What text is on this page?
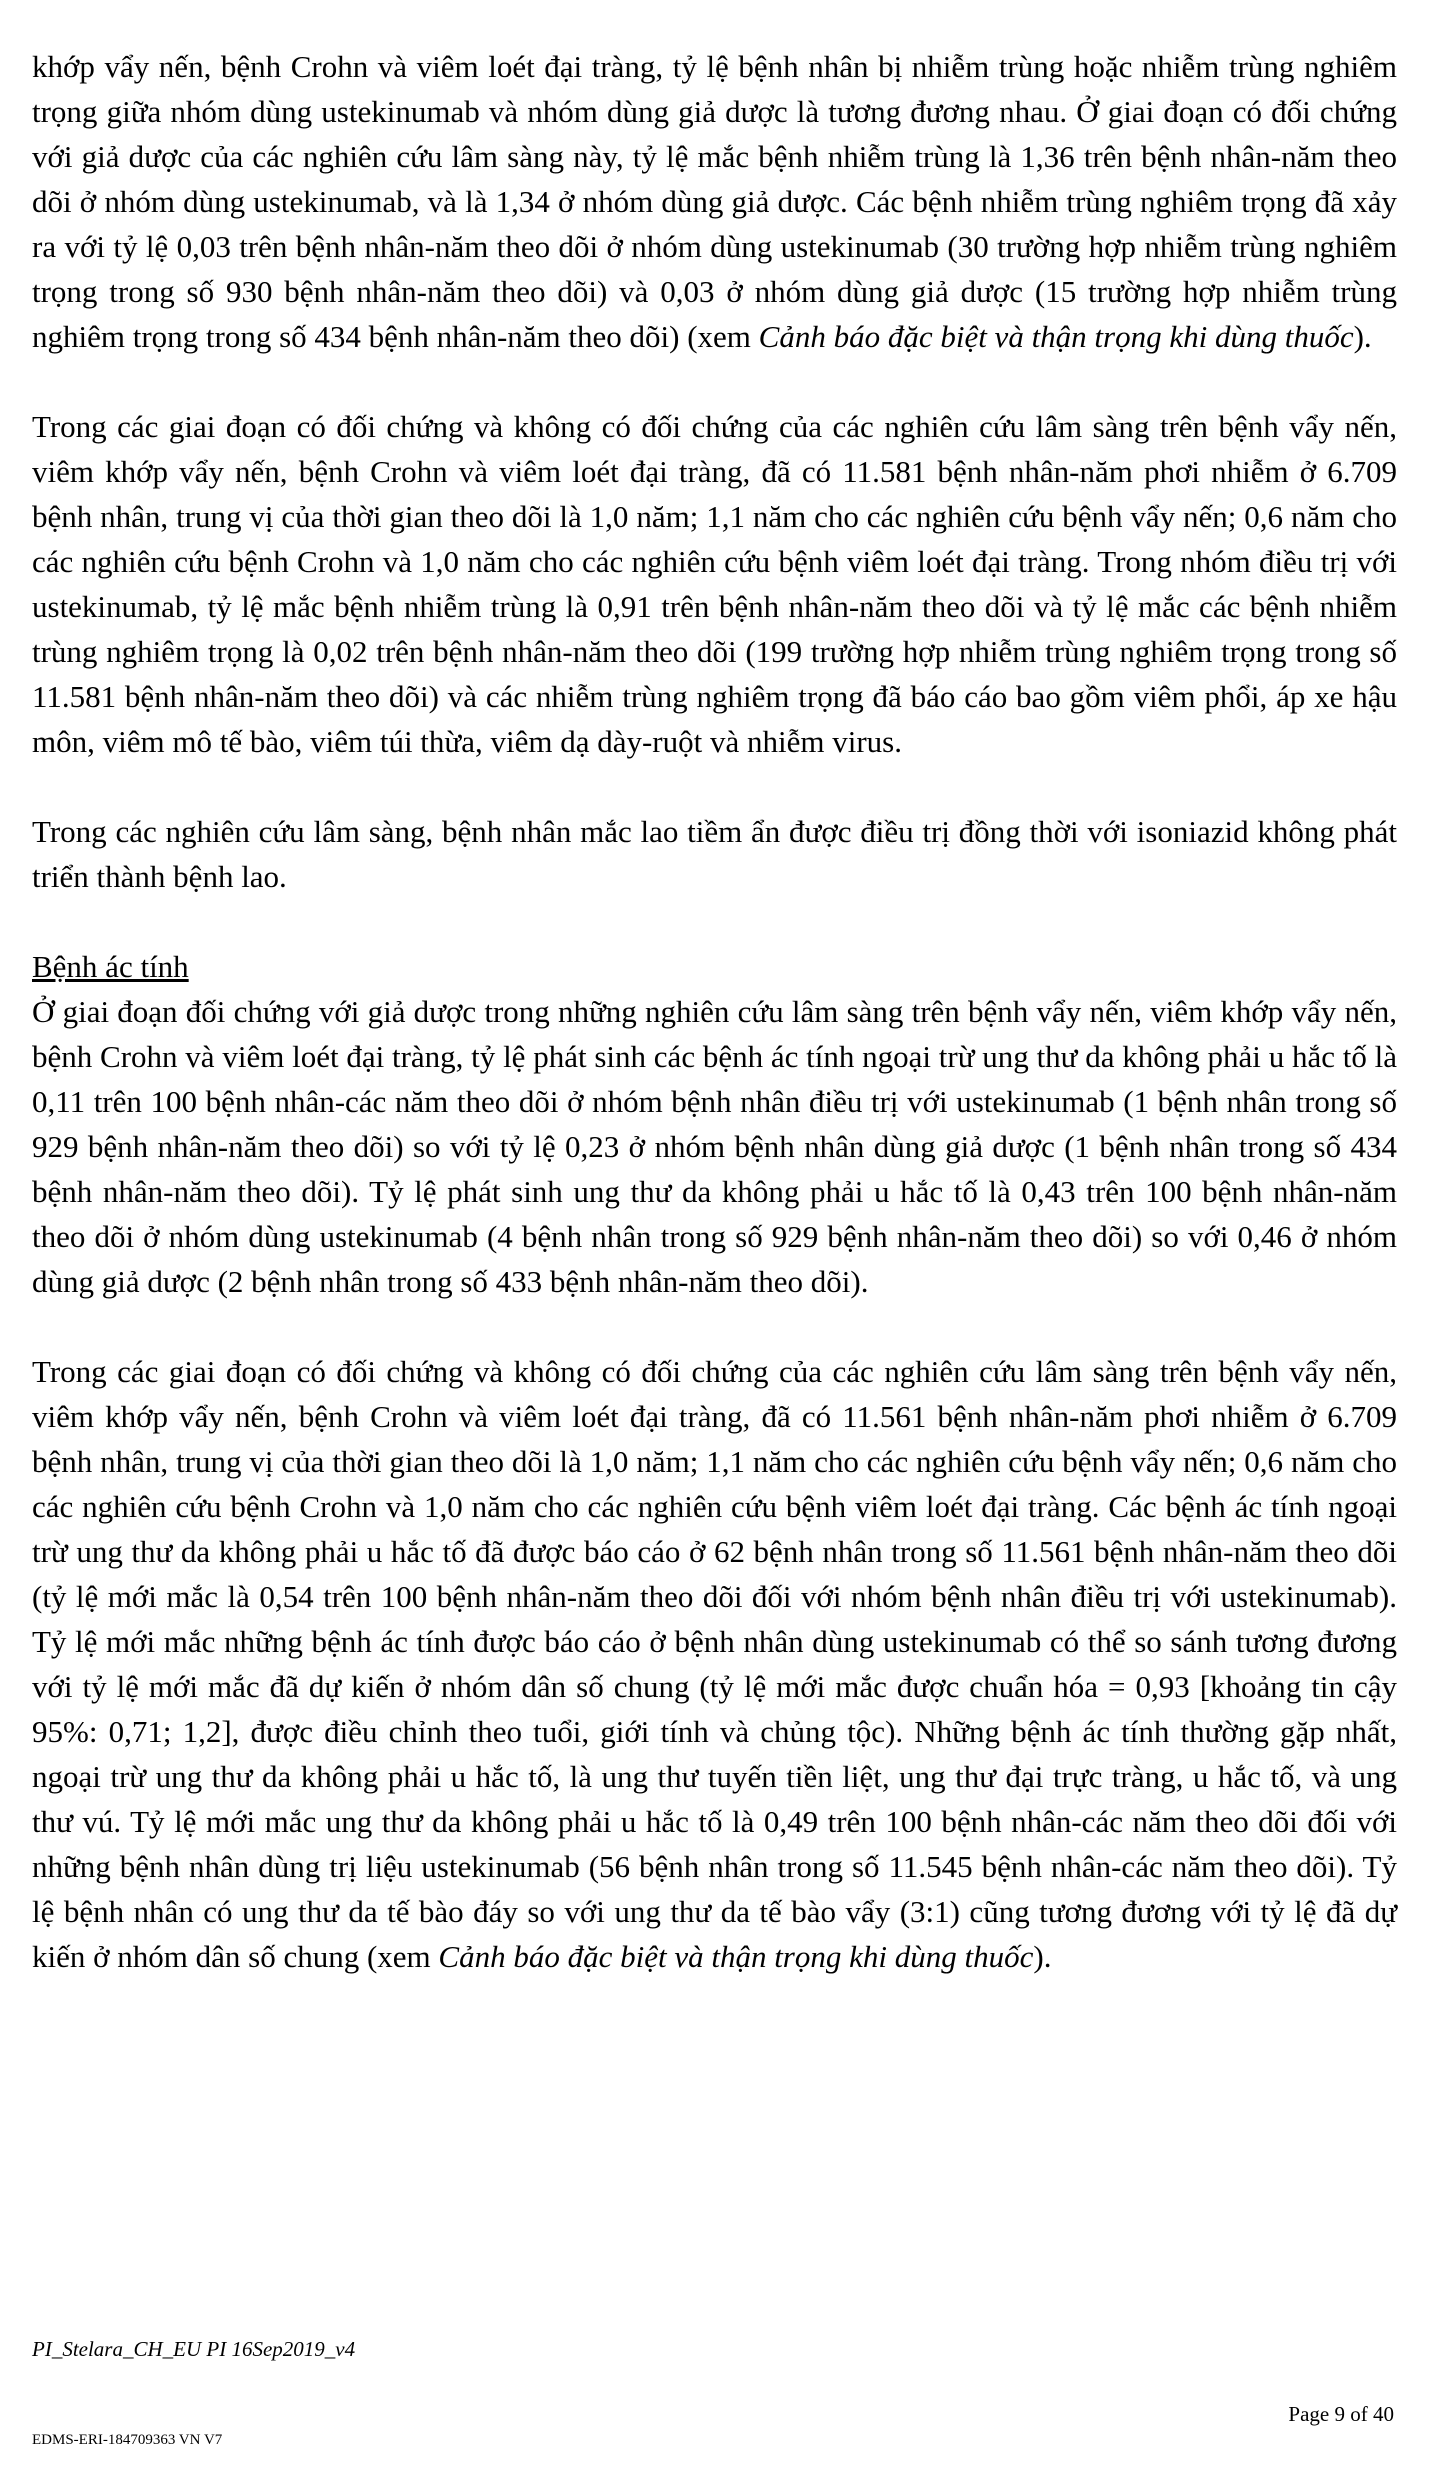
khớp vẩy nến, bệnh Crohn và viêm loét đại tràng, tỷ lệ bệnh nhân bị nhiễm trùng hoặc nhiễm trùng nghiêm trọng giữa nhóm dùng ustekinumab và nhóm dùng giả dược là tương đương nhau. Ở giai đoạn có đối chứng với giả dược của các nghiên cứu lâm sàng này, tỷ lệ mắc bệnh nhiễm trùng là 1,36 trên bệnh nhân-năm theo dõi ở nhóm dùng ustekinumab, và là 1,34 ở nhóm dùng giả dược. Các bệnh nhiễm trùng nghiêm trọng đã xảy ra với tỷ lệ 0,03 trên bệnh nhân-năm theo dõi ở nhóm dùng ustekinumab (30 trường hợp nhiễm trùng nghiêm trọng trong số 930 bệnh nhân-năm theo dõi) và 0,03 ở nhóm dùng giả dược (15 trường hợp nhiễm trùng nghiêm trọng trong số 434 bệnh nhân-năm theo dõi) (xem Cảnh báo đặc biệt và thận trọng khi dùng thuốc).

Trong các giai đoạn có đối chứng và không có đối chứng của các nghiên cứu lâm sàng trên bệnh vẩy nến, viêm khớp vẩy nến, bệnh Crohn và viêm loét đại tràng, đã có 11.581 bệnh nhân-năm phơi nhiễm ở 6.709 bệnh nhân, trung vị của thời gian theo dõi là 1,0 năm; 1,1 năm cho các nghiên cứu bệnh vẩy nến; 0,6 năm cho các nghiên cứu bệnh Crohn và 1,0 năm cho các nghiên cứu bệnh viêm loét đại tràng. Trong nhóm điều trị với ustekinumab, tỷ lệ mắc bệnh nhiễm trùng là 0,91 trên bệnh nhân-năm theo dõi và tỷ lệ mắc các bệnh nhiễm trùng nghiêm trọng là 0,02 trên bệnh nhân-năm theo dõi (199 trường hợp nhiễm trùng nghiêm trọng trong số 11.581 bệnh nhân-năm theo dõi) và các nhiễm trùng nghiêm trọng đã báo cáo bao gồm viêm phổi, áp xe hậu môn, viêm mô tế bào, viêm túi thừa, viêm dạ dày-ruột và nhiễm virus.

Trong các nghiên cứu lâm sàng, bệnh nhân mắc lao tiềm ẩn được điều trị đồng thời với isoniazid không phát triển thành bệnh lao.

Bệnh ác tính

Ở giai đoạn đối chứng với giả dược trong những nghiên cứu lâm sàng trên bệnh vẩy nến, viêm khớp vẩy nến, bệnh Crohn và viêm loét đại tràng, tỷ lệ phát sinh các bệnh ác tính ngoại trừ ung thư da không phải u hắc tố là 0,11 trên 100 bệnh nhân-các năm theo dõi ở nhóm bệnh nhân điều trị với ustekinumab (1 bệnh nhân trong số 929 bệnh nhân-năm theo dõi) so với tỷ lệ 0,23 ở nhóm bệnh nhân dùng giả dược (1 bệnh nhân trong số 434 bệnh nhân-năm theo dõi). Tỷ lệ phát sinh ung thư da không phải u hắc tố là 0,43 trên 100 bệnh nhân-năm theo dõi ở nhóm dùng ustekinumab (4 bệnh nhân trong số 929 bệnh nhân-năm theo dõi) so với 0,46 ở nhóm dùng giả dược (2 bệnh nhân trong số 433 bệnh nhân-năm theo dõi).

Trong các giai đoạn có đối chứng và không có đối chứng của các nghiên cứu lâm sàng trên bệnh vẩy nến, viêm khớp vẩy nến, bệnh Crohn và viêm loét đại tràng, đã có 11.561 bệnh nhân-năm phơi nhiễm ở 6.709 bệnh nhân, trung vị của thời gian theo dõi là 1,0 năm; 1,1 năm cho các nghiên cứu bệnh vẩy nến; 0,6 năm cho các nghiên cứu bệnh Crohn và 1,0 năm cho các nghiên cứu bệnh viêm loét đại tràng. Các bệnh ác tính ngoại trừ ung thư da không phải u hắc tố đã được báo cáo ở 62 bệnh nhân trong số 11.561 bệnh nhân-năm theo dõi (tỷ lệ mới mắc là 0,54 trên 100 bệnh nhân-năm theo dõi đối với nhóm bệnh nhân điều trị với ustekinumab). Tỷ lệ mới mắc những bệnh ác tính được báo cáo ở bệnh nhân dùng ustekinumab có thể so sánh tương đương với tỷ lệ mới mắc đã dự kiến ở nhóm dân số chung (tỷ lệ mới mắc được chuẩn hóa = 0,93 [khoảng tin cậy 95%: 0,71; 1,2], được điều chỉnh theo tuổi, giới tính và chủng tộc). Những bệnh ác tính thường gặp nhất, ngoại trừ ung thư da không phải u hắc tố, là ung thư tuyến tiền liệt, ung thư đại trực tràng, u hắc tố, và ung thư vú. Tỷ lệ mới mắc ung thư da không phải u hắc tố là 0,49 trên 100 bệnh nhân-các năm theo dõi đối với những bệnh nhân dùng trị liệu ustekinumab (56 bệnh nhân trong số 11.545 bệnh nhân-các năm theo dõi). Tỷ lệ bệnh nhân có ung thư da tế bào đáy so với ung thư da tế bào vẩy (3:1) cũng tương đương với tỷ lệ đã dự kiến ở nhóm dân số chung (xem Cảnh báo đặc biệt và thận trọng khi dùng thuốc).

PI_Stelara_CH_EU PI 16Sep2019_v4
Page 9 of 40
EDMS-ERI-184709363 VN V7
